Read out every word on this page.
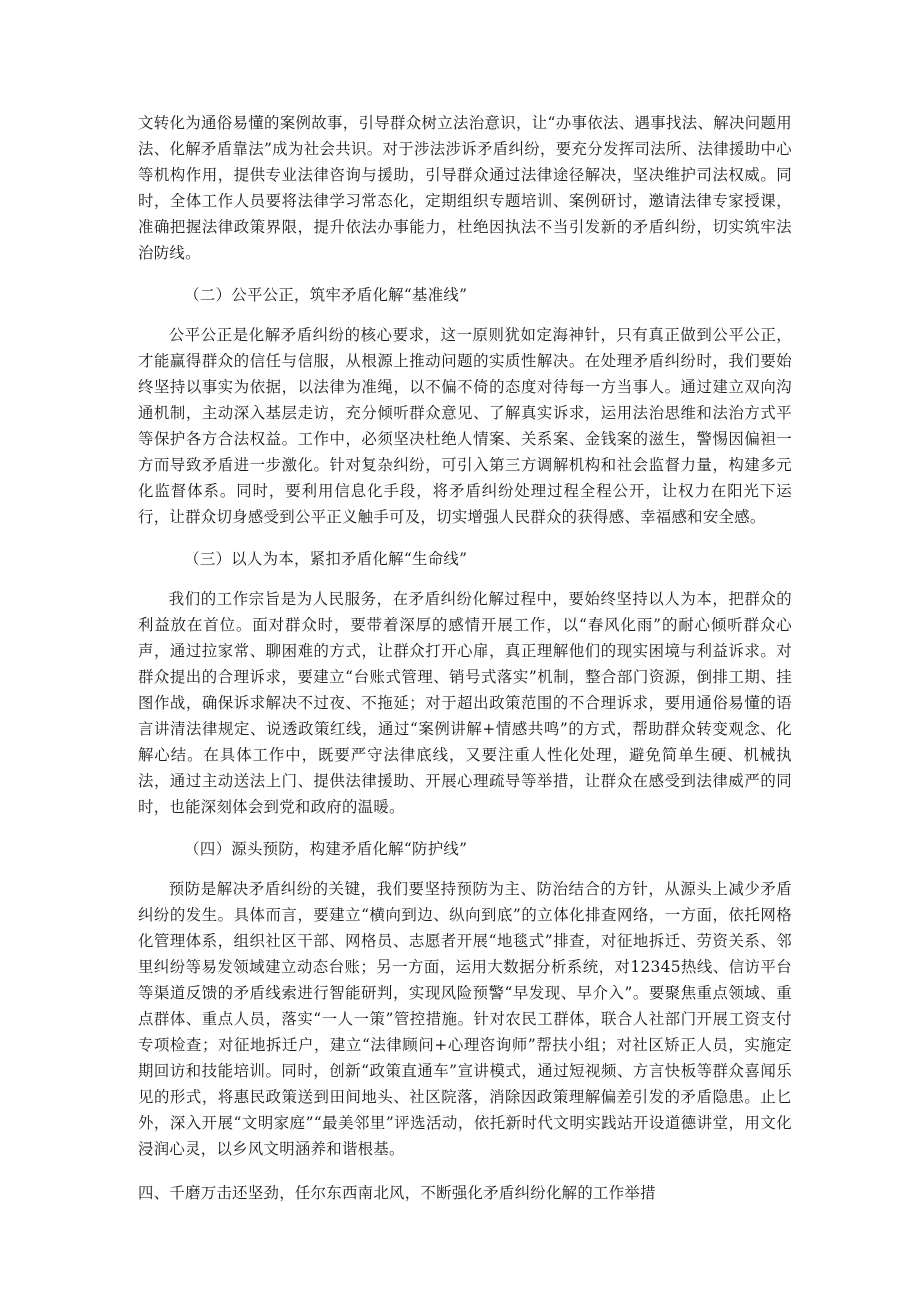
文转化为通俗易懂的案例故事，引导群众树立法治意识，让“办事依法、遇事找法、解决问题用法、化解矛盾靠法”成为社会共识。对于涉法涉诉矛盾纠纷，要充分发挥司法所、法律援助中心等机构作用，提供专业法律咨询与援助，引导群众通过法律途径解决，坚决维护司法权威。同时，全体工作人员要将法律学习常态化，定期组织专题培训、案例研讨，邀请法律专家授课，准确把握法律政策界限，提升依法办事能力，杜绝因执法不当引发新的矛盾纠纷，切实筑牢法治防线。

（二）公平公正，筑牢矛盾化解“基准线”

公平公正是化解矛盾纠纷的核心要求，这一原则犹如定海神针，只有真正做到公平公正，才能赢得群众的信任与信服，从根源上推动问题的实质性解决。在处理矛盾纠纷时，我们要始终坚持以事实为依据，以法律为准绳，以不偏不倚的态度对待每一方当事人。通过建立双向沟通机制，主动深入基层走访，充分倾听群众意见、了解真实诉求，运用法治思维和法治方式平等保护各方合法权益。工作中，必须坚决杜绝人情案、关系案、金钱案的滋生，警惕因偏袒一方而导致矛盾进一步激化。针对复杂纠纷，可引入第三方调解机构和社会监督力量，构建多元化监督体系。同时，要利用信息化手段，将矛盾纠纷处理过程全程公开，让权力在阳光下运行，让群众切身感受到公平正义触手可及，切实增强人民群众的获得感、幸福感和安全感。

（三）以人为本，紧扣矛盾化解“生命线”

我们的工作宗旨是为人民服务，在矛盾纠纷化解过程中，要始终坚持以人为本，把群众的利益放在首位。面对群众时，要带着深厚的感情开展工作，以“春风化雨”的耐心倾听群众心声，通过拉家常、聊困难的方式，让群众打开心扉，真正理解他们的现实困境与利益诉求。对群众提出的合理诉求，要建立“台账式管理、销号式落实”机制，整合部门资源，倒排工期、挂图作战，确保诉求解决不过夜、不拖延；对于超出政策范围的不合理诉求，要用通俗易懂的语言讲清法律规定、说透政策红线，通过“案例讲解+情感共鸣”的方式，帮助群众转变观念、化解心结。在具体工作中，既要严守法律底线，又要注重人性化处理，避免简单生硬、机械执法，通过主动送法上门、提供法律援助、开展心理疏导等举措，让群众在感受到法律威严的同时，也能深刻体会到党和政府的温暖。

（四）源头预防，构建矛盾化解“防护线”

预防是解决矛盾纠纷的关键，我们要坚持预防为主、防治结合的方针，从源头上减少矛盾纠纷的发生。具体而言，要建立“横向到边、纵向到底”的立体化排查网络，一方面，依托网格化管理体系，组织社区干部、网格员、志愿者开展“地毯式”排查，对征地拆迁、劳资关系、邻里纠纷等易发领域建立动态台账；另一方面，运用大数据分析系统，对12345热线、信访平台等渠道反馈的矛盾线索进行智能研判，实现风险预警“早发现、早介入”。要聚焦重点领域、重点群体、重点人员，落实“一人一策”管控措施。针对农民工群体，联合人社部门开展工资支付专项检查；对征地拆迁户，建立“法律顾问+心理咨询师”帮扶小组；对社区矫正人员，实施定期回访和技能培训。同时，创新“政策直通车”宣讲模式，通过短视频、方言快板等群众喜闻乐见的形式，将惠民政策送到田间地头、社区院落，消除因政策理解偏差引发的矛盾隐患。止匕外，深入开展“文明家庭”“最美邻里”评选活动，依托新时代文明实践站开设道德讲堂，用文化浸润心灵，以乡风文明涵养和谐根基。

四、千磨万击还坚劲，任尔东西南北风，不断强化矛盾纠纷化解的工作举措
